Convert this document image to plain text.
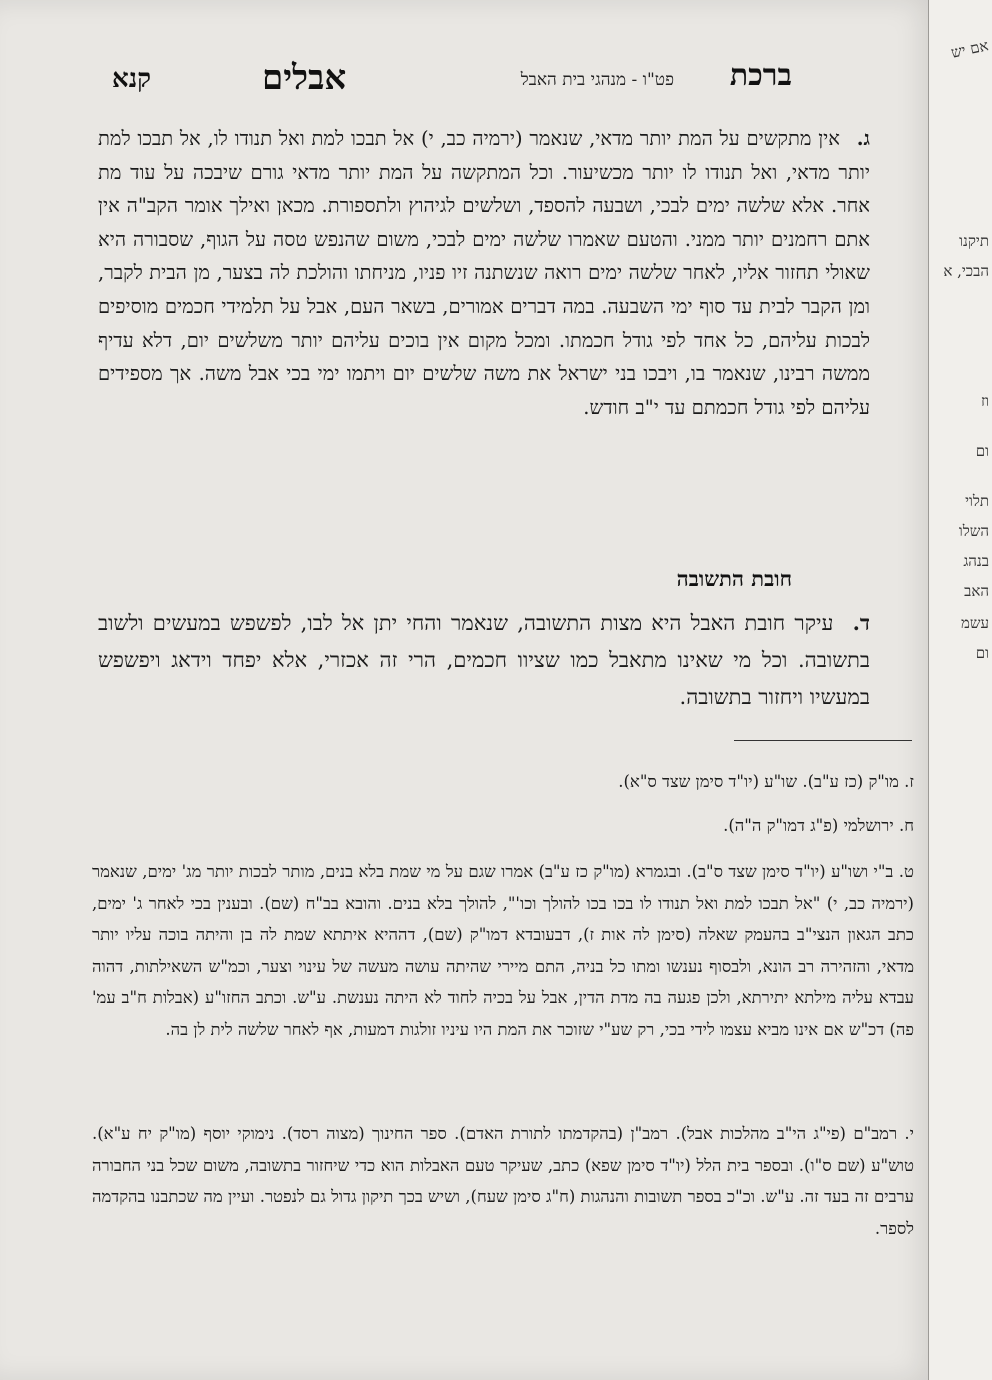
ברכת
פט"ו - מנהגי בית האבל
אבלים
קנא
ג. אין מתקשים על המת יותר מדאי, שנאמר (ירמיה כב, י) אל תבכו למת ואל תנודו לו, אל תבכו למת יותר מדאי, ואל תנודו לו יותר מכשיעור. וכל המתקשה על המת יותר מדאי גורם שיבכה על עוד מת אחר. אלא שלשה ימים לבכי, ושבעה להספד, ושלשים לגיהוץ ולתספורת. מכאן ואילך אומר הקב"ה אין אתם רחמנים יותר ממני. והטעם שאמרו שלשה ימים לבכי, משום שהנפש טסה על הגוף, שסבורה היא שאולי תחזור אליו, לאחר שלשה ימים רואה שנשתנה זיו פניו, מניחתו והולכת לה בצער, מן הבית לקבר, ומן הקבר לבית עד סוף ימי השבעה. במה דברים אמורים, בשאר העם, אבל על תלמידי חכמים מוסיפים לבכות עליהם, כל אחד לפי גודל חכמתו. ומכל מקום אין בוכים עליהם יותר משלשים יום, דלא עדיף ממשה רבינו, שנאמר בו, ויבכו בני ישראל את משה שלשים יום ויתמו ימי בכי אבל משה. אך מספידים עליהם לפי גודל חכמתם עד י"ב חודש.
חובת התשובה
ד. עיקר חובת האבל היא מצות התשובה, שנאמר והחי יתן אל לבו, לפשפש במעשים ולשוב בתשובה. וכל מי שאינו מתאבל כמו שציוו חכמים, הרי זה אכזרי, אלא יפחד וידאג ויפשפש במעשיו ויחזור בתשובה.
ז. מו"ק (כז ע"ב). שו"ע (יו"ד סימן שצד ס"א).
ח. ירושלמי (פ"ג דמו"ק ה"ה).
ט. ב"י ושו"ע (יו"ד סימן שצד ס"ב). ובגמרא (מו"ק כז ע"ב) אמרו שגם על מי שמת בלא בנים, מותר לבכות יותר מג' ימים, שנאמר (ירמיה כב, י) "אל תבכו למת ואל תנודו לו בכו בכו להולך וכו'", להולך בלא בנים. והובא בב"ח (שם). ובענין בכי לאחר ג' ימים, כתב הגאון הנצי"ב בהעמק שאלה (סימן לה אות ז), דבעובדא דמו"ק (שם), דההיא איתתא שמת לה בן והיתה בוכה עליו יותר מדאי, והזהירה רב הונא, ולבסוף נענשו ומתו כל בניה, התם מיירי שהיתה עושה מעשה של עינוי וצער, וכמ"ש השאילתות, דהוה עבדא עליה מילתא יתירתא, ולכן פגעה בה מדת הדין, אבל על בכיה לחוד לא היתה נענשת. ע"ש. וכתב החזו"ע (אבלות ח"ב עמ' פה) דכ"ש אם אינו מביא עצמו לידי בכי, רק שע"י שזוכר את המת היו עיניו זולגות דמעות, אף לאחר שלשה לית לן בה.
י. רמב"ם (פי"ג הי"ב מהלכות אבל). רמב"ן (בהקדמתו לתורת האדם). ספר החינוך (מצוה רסד). נימוקי יוסף (מו"ק יח ע"א). טוש"ע (שם ס"ו). ובספר בית הלל (יו"ד סימן שפא) כתב, שעיקר טעם האבלות הוא כדי שיחזור בתשובה, משום שכל בני החבורה ערבים זה בעד זה. ע"ש. וכ"כ בספר תשובות והנהגות (ח"ג סימן שעח), ושיש בכך תיקון גדול גם לנפטר. ועיין מה שכתבנו בהקדמה לספר.
אם יש
תיקנו
הבכי, א
וז
ום
תלוי
השלו
בנהג
האב
עשמ
ום
